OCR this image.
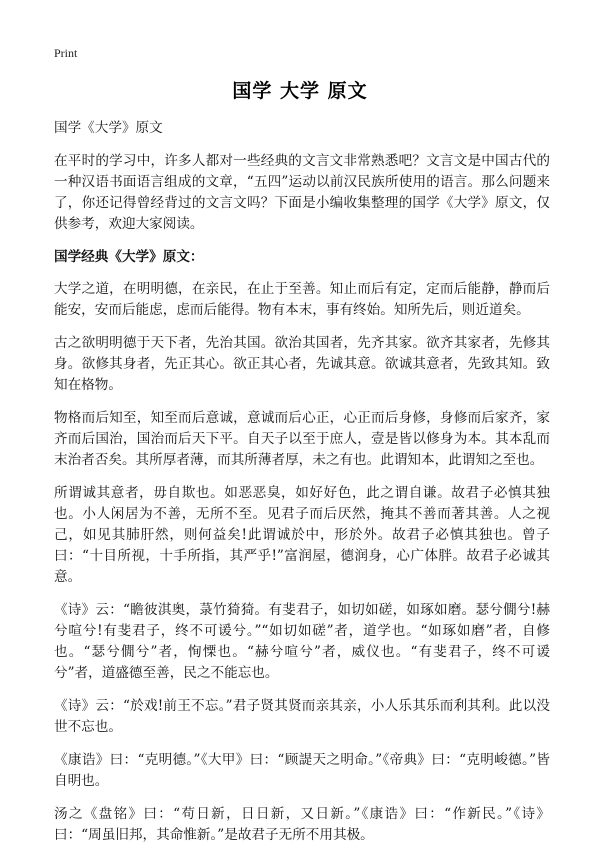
Print
国学 大学 原文

国学《大学》原文

在平时的学习中，许多人都对一些经典的文言文非常熟悉吧？文言文是中国古代的一种汉语书面语言组成的文章，“五四”运动以前汉民族所使用的语言。那么问题来了，你还记得曾经背过的文言文吗？下面是小编收集整理的国学《大学》原文，仅供参考，欢迎大家阅读。

国学经典《大学》原文：

大学之道，在明明德，在亲民，在止于至善。知止而后有定，定而后能静，静而后能安，安而后能虑，虑而后能得。物有本末，事有终始。知所先后，则近道矣。

古之欲明明德于天下者，先治其国。欲治其国者，先齐其家。欲齐其家者，先修其身。欲修其身者，先正其心。欲正其心者，先诚其意。欲诚其意者，先致其知。致知在格物。

物格而后知至，知至而后意诚，意诚而后心正，心正而后身修，身修而后家齐，家齐而后国治，国治而后天下平。自天子以至于庶人，壹是皆以修身为本。其本乱而末治者否矣。其所厚者薄，而其所薄者厚，未之有也。此谓知本，此谓知之至也。

所谓诚其意者，毋自欺也。如恶恶臭，如好好色，此之谓自谦。故君子必慎其独也。小人闲居为不善，无所不至。见君子而后厌然，掩其不善而著其善。人之视己，如见其肺肝然，则何益矣!此谓诚於中，形於外。故君子必慎其独也。曾子曰：“十目所视，十手所指，其严乎!”富润屋，德润身，心广体胖。故君子必诚其意。

《诗》云：“瞻彼淇奥，菉竹猗猗。有斐君子，如切如磋，如琢如磨。瑟兮僩兮!赫兮喧兮!有斐君子，终不可谖兮。”“如切如磋”者，道学也。“如琢如磨”者，自修也。“瑟兮僩兮”者，恂慄也。“赫兮喧兮”者，威仪也。“有斐君子，终不可谖兮”者，道盛德至善，民之不能忘也。

《诗》云：“於戏!前王不忘。”君子贤其贤而亲其亲，小人乐其乐而利其利。此以没世不忘也。

《康诰》曰：“克明德。”《大甲》曰：“顾諟天之明命。”《帝典》曰：“克明峻德。”皆自明也。

汤之《盘铭》曰：“苟日新，日日新，又日新。”《康诰》曰：“作新民。”《诗》曰：“周虽旧邦，其命惟新。”是故君子无所不用其极。
